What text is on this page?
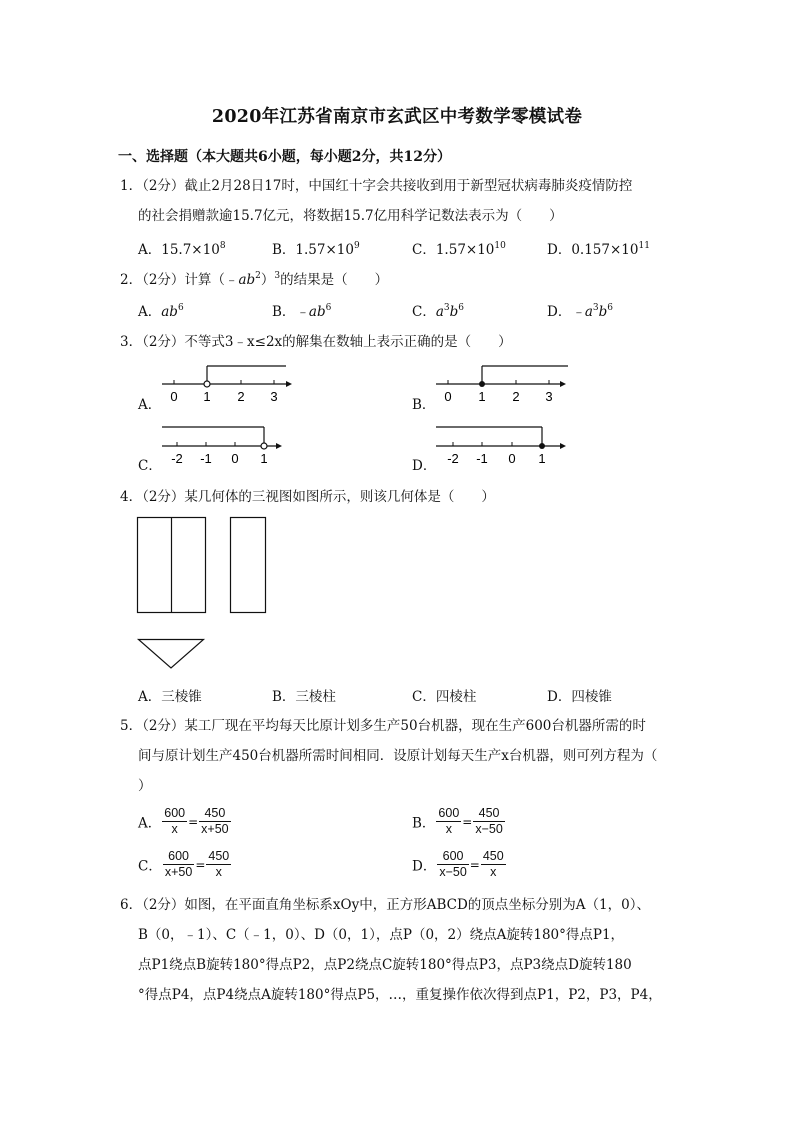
2020年江苏省南京市玄武区中考数学零模试卷
一、选择题（本大题共6小题，每小题2分，共12分）
1．（2分）截止2月28日17时，中国红十字会共接收到用于新型冠状病毒肺炎疫情防控
的社会捐赠款逾15.7亿元，将数据15.7亿用科学记数法表示为（　　）
A．$15.7\times 10^8$	B．$1.57\times 10^9$	C．$1.57\times 10^{10}$	D．$0.157\times 10^{11}$
2．（2分）计算$(﹣ab^2)^3$的结果是（　　）
A．$ab^6$	B．$﹣ab^6$	C．$a^3b^6$	D．$﹣a^3b^6$
3．（2分）不等式3﹣x≤2x的解集在数轴上表示正确的是（　　）
A．
0 1 2 3
B．
0 1 2 3
C． -2 -1 0 1	D． -2 -1 0 1
4．（2分）某几何体的三视图如图所示，则该几何体是（　　）
A．三棱锥	B．三棱柱	C．四棱柱	D．四棱锥
5．（2分）某工厂现在平均每天比原计划多生产50台机器，现在生产600台机器所需的时
间与原计划生产450台机器所需时间相同．设原计划每天生产x台机器，则可列方程为（
）
A． $\frac{600}{x} = \frac{450}{x+50}$	B． $\frac{600}{x} = \frac{450}{x-50}$
C． $\frac{600}{x+50} = \frac{450}{x}$	D． $\frac{600}{x-50} = \frac{450}{x}$
6．（2分）如图，在平面直角坐标系xOy中，正方形ABCD的顶点坐标分别为A（1，0）、
B（0，﹣1）、C（﹣1，0）、D（0，1），点P（0，2）绕点A旋转180°得点P1，
点P1绕点B旋转180°得点P2，点P2绕点C旋转180°得点P3，点P3绕点D旋转180
°得点P4，点P4绕点A旋转180°得点P5，…，重复操作依次得到点P1，P2，P3，P4，
